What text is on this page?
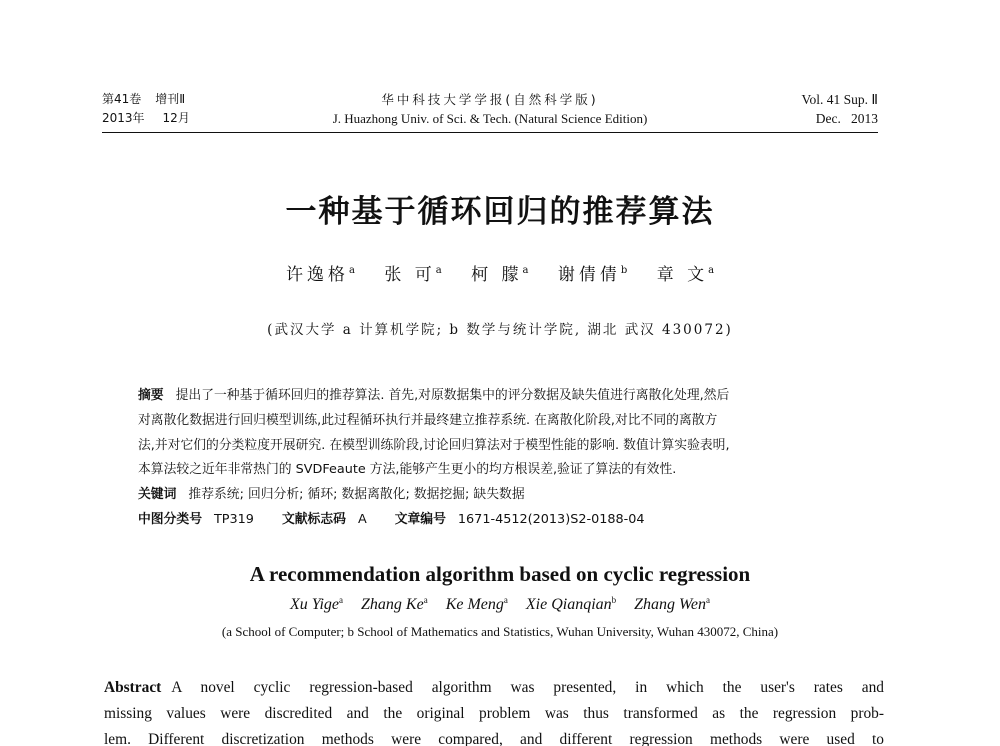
第41卷 增刊Ⅱ
2013年 12月
华中科技大学学报(自然科学版)
J. Huazhong Univ. of Sci. & Tech. (Natural Science Edition)
Vol. 41 Sup. Ⅱ
Dec.   2013
一种基于循环回归的推荐算法
许逸格$^a$ 张 可$^a$ 柯 朦$^a$ 谢倩倩$^b$ 章 文$^a$
(武汉大学 a 计算机学院; b 数学与统计学院, 湖北 武汉 430072)
摘要 提出了一种基于循环回归的推荐算法. 首先,对原数据集中的评分数据及缺失值进行离散化处理,然后
对离散化数据进行回归模型训练,此过程循环执行并最终建立推荐系统. 在离散化阶段,对比不同的离散方
法,并对它们的分类粒度开展研究. 在模型训练阶段,讨论回归算法对于模型性能的影响. 数值计算实验表明,
本算法较之近年非常热门的 SVDFeaute 方法,能够产生更小的均方根误差,验证了算法的有效性.
关键词 推荐系统; 回归分析; 循环; 数据离散化; 数据挖掘; 缺失数据
中图分类号 TP319 文献标志码 A 文章编号 1671-4512(2013)S2-0188-04
A recommendation algorithm based on cyclic regression
Xu Yige$^a$ Zhang Ke$^a$ Ke Meng$^a$ Xie Qianqian$^b$ Zhang Wen$^a$
(a School of Computer; b School of Mathematics and Statistics, Wuhan University, Wuhan 430072, China)
Abstract A novel cyclic regression-based algorithm was presented, in which the user's rates and
missing values were discredited and the original problem was thus transformed as the regression prob-
lem. Different discretization methods were compared, and different regression methods were used to
